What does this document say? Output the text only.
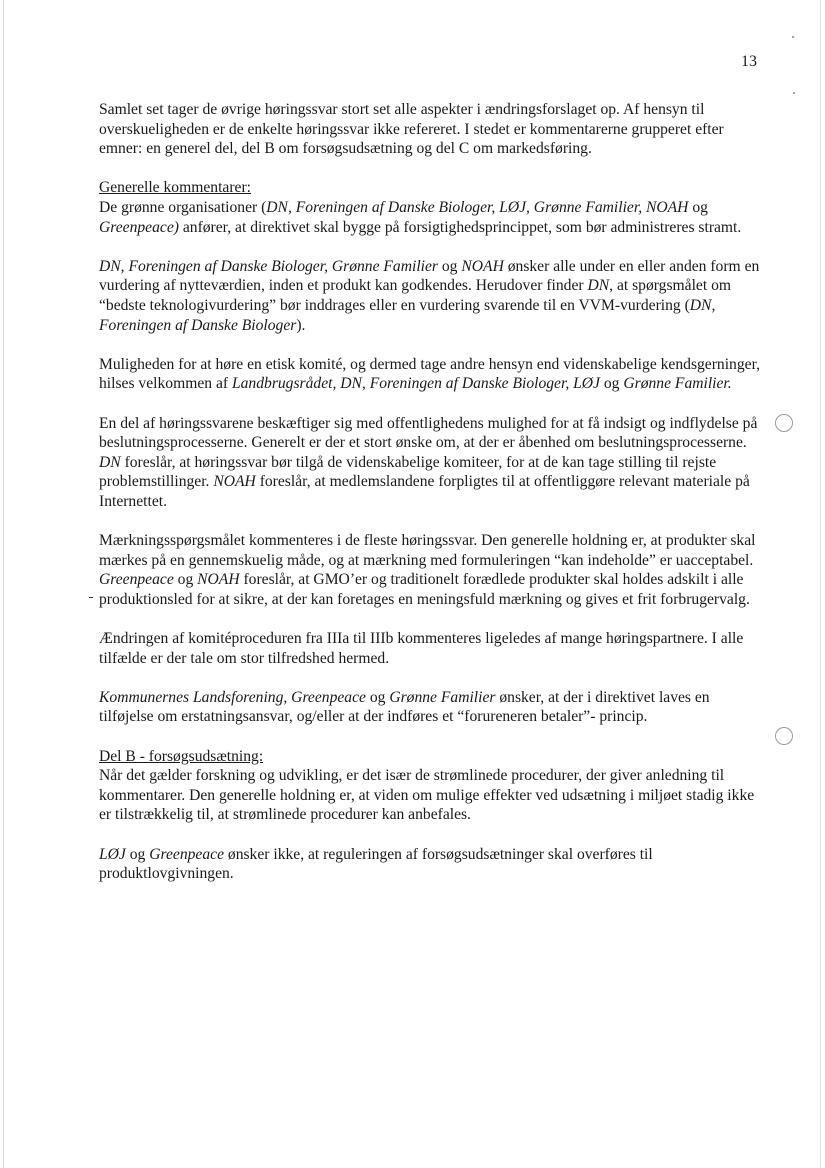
13

Samlet set tager de øvrige høringssvar stort set alle aspekter i ændringsforslaget op. Af hensyn til overskueligheden er de enkelte høringssvar ikke refereret. I stedet er kommentarerne grupperet efter emner: en generel del, del B om forsøgsudsætning og del C om markedsføring.

Generelle kommentarer:

De grønne organisationer (DN, Foreningen af Danske Biologer, LØJ, Grønne Familier, NOAH og Greenpeace) anfører, at direktivet skal bygge på forsigtighedsprincippet, som bør administreres stramt.

DN, Foreningen af Danske Biologer, Grønne Familier og NOAH ønsker alle under en eller anden form en vurdering af nytteværdien, inden et produkt kan godkendes. Herudover finder DN, at spørgsmålet om “bedste teknologivurdering” bør inddrages eller en vurdering svarende til en VVM-vurdering (DN, Foreningen af Danske Biologer).

Muligheden for at høre en etisk komité, og dermed tage andre hensyn end videnskabelige kendsgerninger, hilses velkommen af Landbrugsrådet, DN, Foreningen af Danske Biologer, LØJ og Grønne Familier.

En del af høringssvarene beskæftiger sig med offentlighedens mulighed for at få indsigt og indflydelse på beslutningsprocesserne. Generelt er der et stort ønske om, at der er åbenhed om beslutningsprocesserne. DN foreslår, at høringssvar bør tilgå de videnskabelige komiteer, for at de kan tage stilling til rejste problemstillinger. NOAH foreslår, at medlemslandene forpligtes til at offentliggøre relevant materiale på Internettet.

Mærkningsspørgsmålet kommenteres i de fleste høringssvar. Den generelle holdning er, at produkter skal mærkes på en gennemskuelig måde, og at mærkning med formuleringen “kan indeholde” er uacceptabel. Greenpeace og NOAH foreslår, at GMO’er og traditionelt forædlede produkter skal holdes adskilt i alle produktionsled for at sikre, at der kan foretages en meningsfuld mærkning og gives et frit forbrugervalg.

Ændringen af komitéproceduren fra IIIa til IIIb kommenteres ligeledes af mange høringspartnere. I alle tilfælde er der tale om stor tilfredshed hermed.

Kommunernes Landsforening, Greenpeace og Grønne Familier ønsker, at der i direktivet laves en tilføjelse om erstatningsansvar, og/eller at der indføres et “forureneren betaler”- princip.

Del B - forsøgsudsætning:

Når det gælder forskning og udvikling, er det især de strømlinede procedurer, der giver anledning til kommentarer. Den generelle holdning er, at viden om mulige effekter ved udsætning i miljøet stadig ikke er tilstrækkelig til, at strømlinede procedurer kan anbefales.

LØJ og Greenpeace ønsker ikke, at reguleringen af forsøgsudsætninger skal overføres til produktlovgivningen.
